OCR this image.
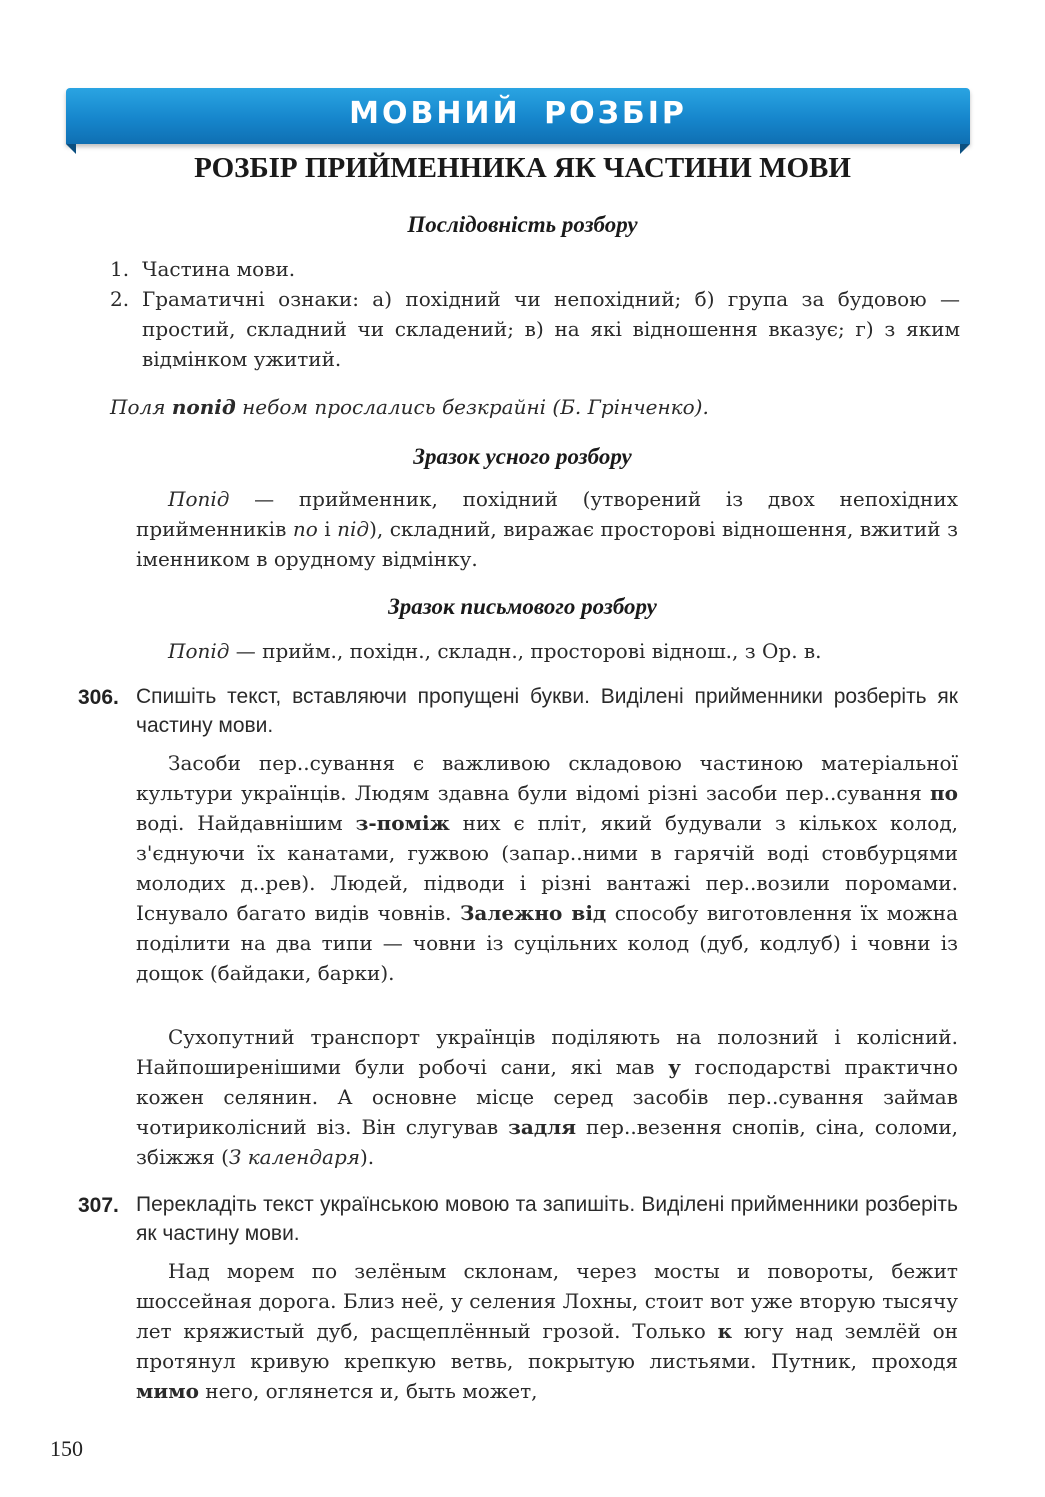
МОВНИЙ РОЗБІР
РОЗБІР ПРИЙМЕННИКА ЯК ЧАСТИНИ МОВИ
Послідовність розбору
1. Частина мови.
2. Граматичні ознаки: а) похідний чи непохідний; б) група за будовою — простий, складний чи складений; в) на які відношення вказує; г) з яким відмінком ужитий.
Поля попід небом прослались безкрайні (Б. Грінченко).
Зразок усного розбору
Попід — прийменник, похідний (утворений із двох непохідних прийменників по і під), складний, виражає просторові відношення, вжитий з іменником в орудному відмінку.
Зразок письмового розбору
Попід — прийм., похідн., складн., просторові віднош., з Ор. в.
306. Спишіть текст, вставляючи пропущені букви. Виділені прийменники розберіть як частину мови.
Засоби пер..сування є важливою складовою частиною матеріальної культури українців. Людям здавна були відомі різні засоби пер..сування по воді. Найдавнішим з-поміж них є пліт, який будували з кількох колод, з'єднуючи їх канатами, гужвою (запар..ними в гарячій воді стовбурцями молодих д..рев). Людей, підводи і різні вантажі пер..возили поромами. Існувало багато видів човнів. Залежно від способу виготовлення їх можна поділити на два типи — човни із суцільних колод (дуб, кодлуб) і човни із дощок (байдаки, барки).
Сухопутний транспорт українців поділяють на полозний і колісний. Найпоширенішими були робочі сани, які мав у господарстві практично кожен селянин. А основне місце серед засобів пер..сування займав чотириколісний віз. Він слугував задля пер..везення снопів, сіна, соломи, збіжжя (З календаря).
307. Перекладіть текст українською мовою та запишіть. Виділені прийменники розберіть як частину мови.
Над морем по зелёным склонам, через мосты и повороты, бежит шоссейная дорога. Близ неё, у селения Лохны, стоит вот уже вторую тысячу лет кряжистый дуб, расщеплённый грозой. Только к югу над землёй он протянул кривую крепкую ветвь, покрытую листьями. Путник, проходя мимо него, оглянется и, быть может,
150
